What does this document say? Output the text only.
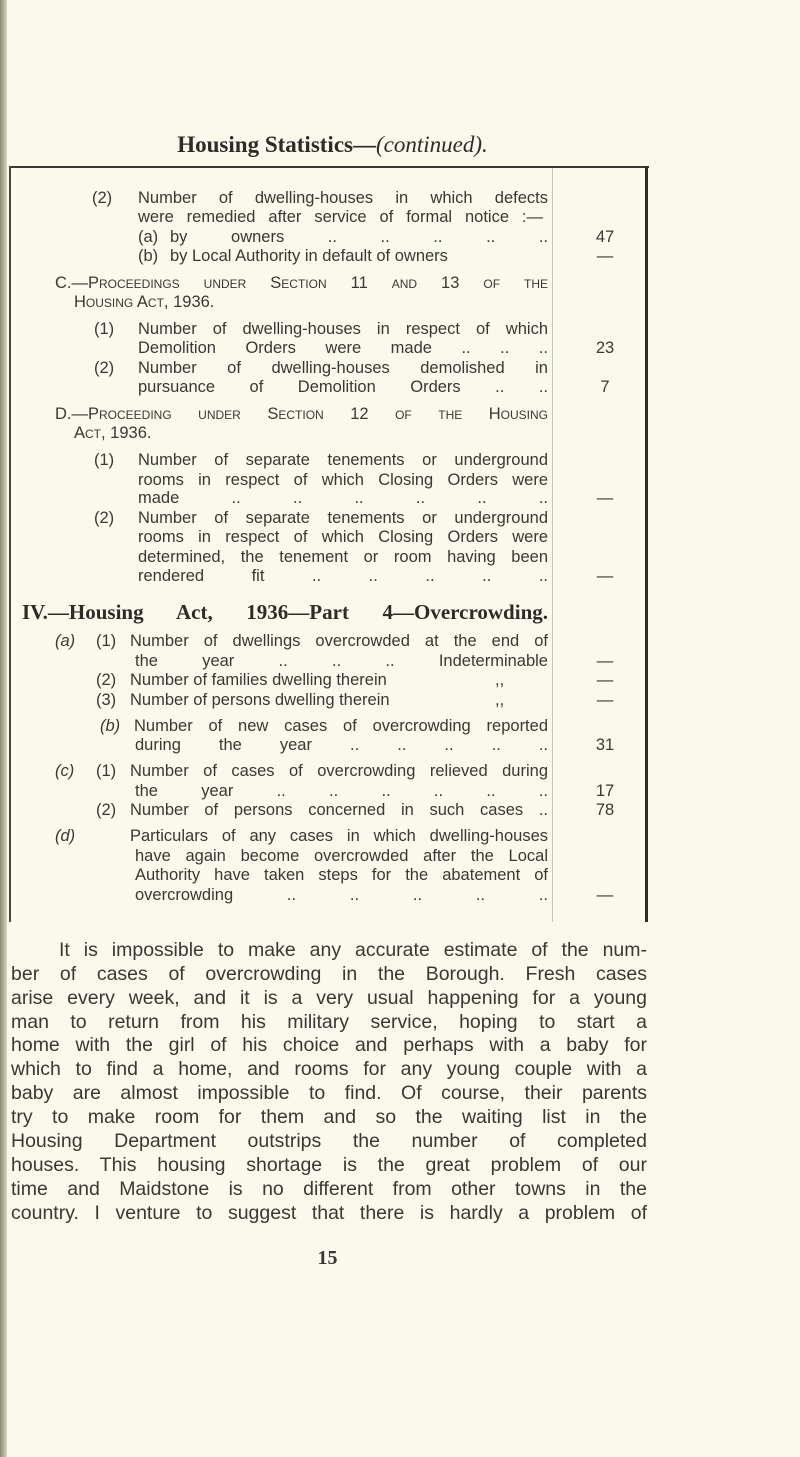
Housing Statistics—(continued).
(2) Number of dwelling-houses in which defects
were remedied after service of formal notice :—
(a) by owners .. .. .. .. ..	47
(b) by Local Authority in default of owners	—
C.—Proceedings under Section 11 and 13 of the
Housing Act, 1936.
(1) Number of dwelling-houses in respect of which
Demolition Orders were made .. .. ..	23
(2) Number of dwelling-houses demolished in
pursuance of Demolition Orders .. ..	7
D.—Proceeding under Section 12 of the Housing
Act, 1936.
(1) Number of separate tenements or underground
rooms in respect of which Closing Orders were
made .. .. .. .. .. ..	—
(2) Number of separate tenements or underground
rooms in respect of which Closing Orders were
determined, the tenement or room having been
rendered fit .. .. .. .. ..	—
IV.—Housing Act, 1936—Part 4—Overcrowding.
(a) (1) Number of dwellings overcrowded at the end of
the year .. .. .. Indeterminable	—
(2) Number of families dwelling therein	,,	—
(3) Number of persons dwelling therein	,,	—
(b) Number of new cases of overcrowding reported
during the year .. .. .. .. ..	31
(c) (1) Number of cases of overcrowding relieved during
the year .. .. .. .. .. ..	17
(2) Number of persons concerned in such cases ..	78
(d)	Particulars of any cases in which dwelling-houses
have again become overcrowded after the Local
Authority have taken steps for the abatement of
overcrowding .. .. .. .. ..	—
It is impossible to make any accurate estimate of the num-
ber of cases of overcrowding in the Borough. Fresh cases
arise every week, and it is a very usual happening for a young
man to return from his military service, hoping to start a
home with the girl of his choice and perhaps with a baby for
which to find a home, and rooms for any young couple with a
baby are almost impossible to find. Of course, their parents
try to make room for them and so the waiting list in the
Housing Department outstrips the number of completed
houses. This housing shortage is the great problem of our
time and Maidstone is no different from other towns in the
country. I venture to suggest that there is hardly a problem of
15
